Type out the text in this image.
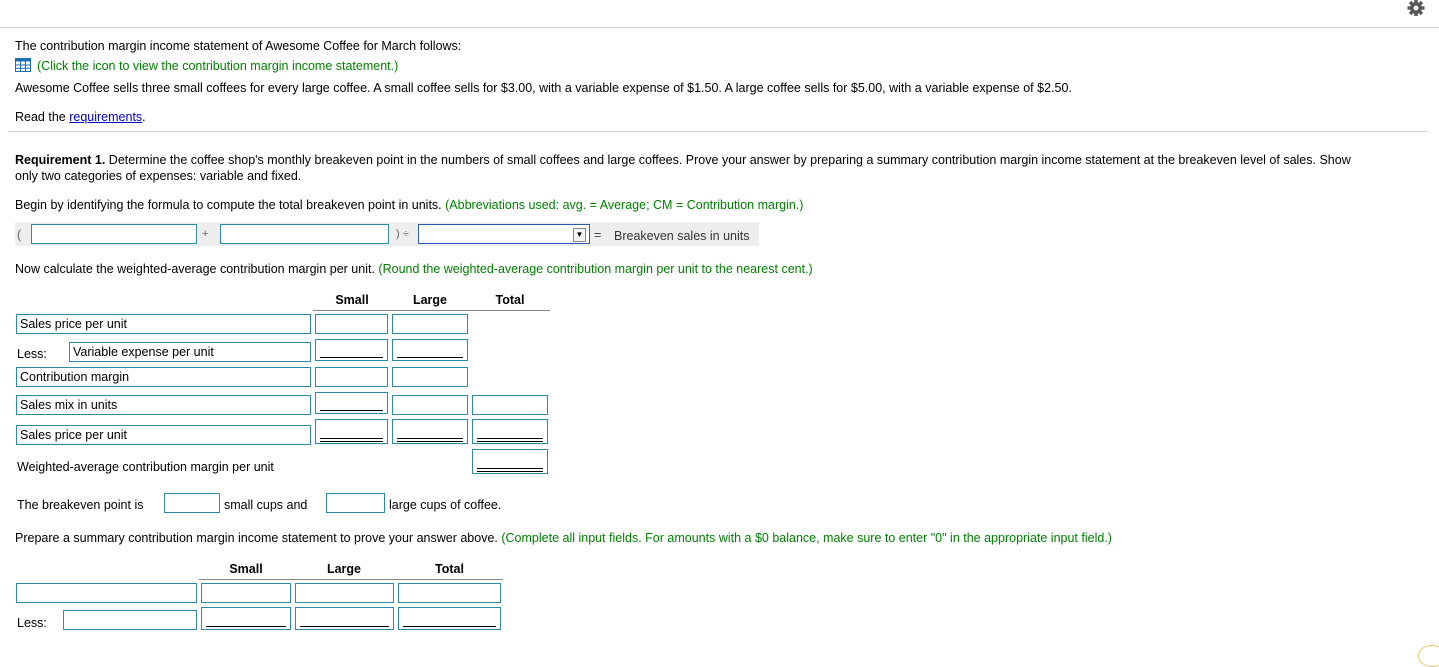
The contribution margin income statement of Awesome Coffee for March follows:
(Click the icon to view the contribution margin income statement.)
Awesome Coffee sells three small coffees for every large coffee. A small coffee sells for $3.00, with a variable expense of $1.50. A large coffee sells for $5.00, with a variable expense of $2.50.
Read the requirements.
Requirement 1. Determine the coffee shop's monthly breakeven point in the numbers of small coffees and large coffees. Prove your answer by preparing a summary contribution margin income statement at the breakeven level of sales. Show
only two categories of expenses: variable and fixed.
Begin by identifying the formula to compute the total breakeven point in units. (Abbreviations used: avg. = Average; CM = Contribution margin.)
(	+	) ÷	▼ = Breakeven sales in units
Now calculate the weighted-average contribution margin per unit. (Round the weighted-average contribution margin per unit to the nearest cent.)
Small	Large	Total
Sales price per unit
Less:	Variable expense per unit
Contribution margin
Sales mix in units
Sales price per unit
Weighted-average contribution margin per unit
The breakeven point is	small cups and	large cups of coffee.
Prepare a summary contribution margin income statement to prove your answer above. (Complete all input fields. For amounts with a $0 balance, make sure to enter "0" in the appropriate input field.)
Small	Large	Total
Less:
